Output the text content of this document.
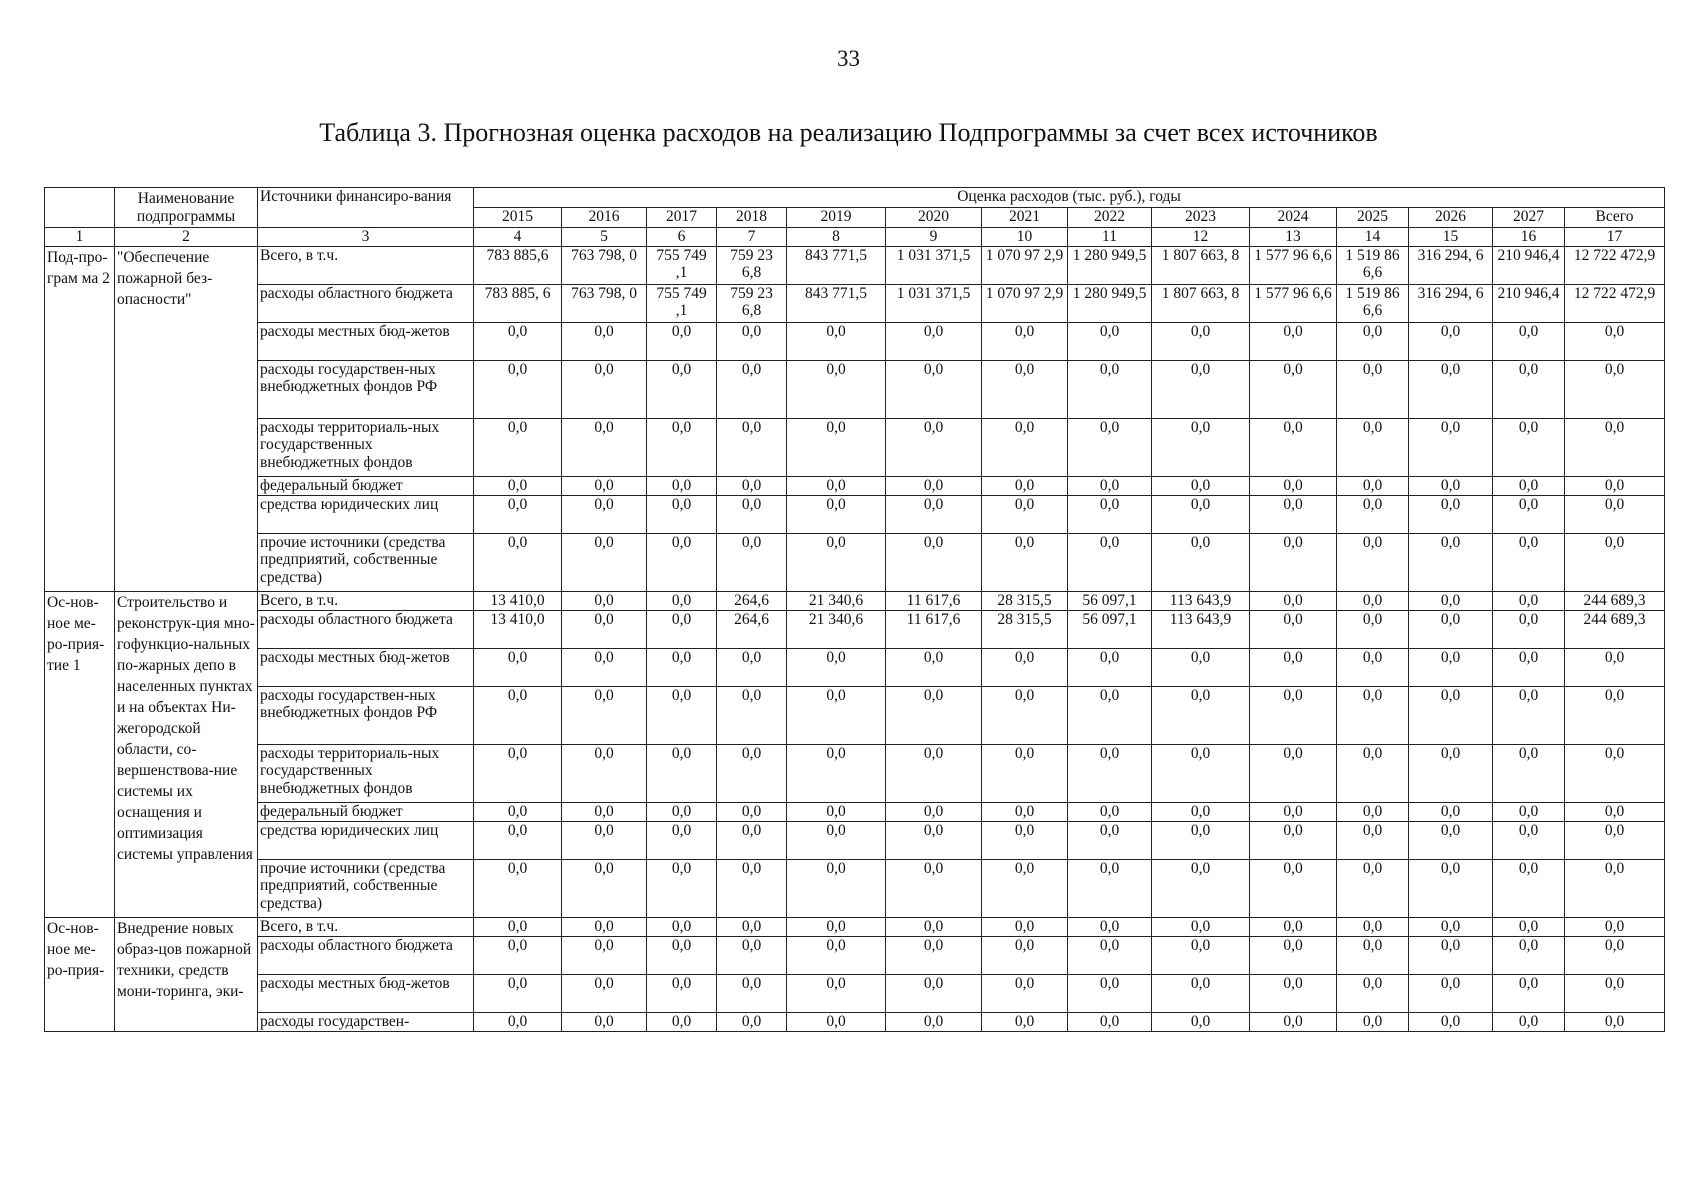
33
Таблица 3. Прогнозная оценка расходов на реализацию Подпрограммы за счет всех источников
	Наименование подпрограммы	Источники финансиро-вания	Оценка расходов (тыс. руб.), годы													
			2015	2016	2017	2018	2019	2020	2021	2022	2023	2024	2025	2026	2027	Всего
1	2	3	4	5	6	7	8	9	10	11	12	13	14	15	16	17
Под-про-грам ма 2	"Обеспечение пожарной без-опасности"	Всего, в т.ч.	783 885,6	763 798, 0	755 749 ,1	759 23 6,8	843 771,5	1 031 371,5	1 070 97 2,9	1 280 949,5	1 807 663, 8	1 577 96 6,6	1 519 86 6,6	316 294, 6	210 946,4	12 722 472,9
		расходы областного бюджета	783 885, 6	763 798, 0	755 749 ,1	759 23 6,8	843 771,5	1 031 371,5	1 070 97 2,9	1 280 949,5	1 807 663, 8	1 577 96 6,6	1 519 86 6,6	316 294, 6	210 946,4	12 722 472,9
		расходы местных бюд-жетов	0,0	0,0	0,0	0,0	0,0	0,0	0,0	0,0	0,0	0,0	0,0	0,0	0,0	0,0
		расходы государствен-ных внебюджетных фондов РФ	0,0	0,0	0,0	0,0	0,0	0,0	0,0	0,0	0,0	0,0	0,0	0,0	0,0	0,0
		расходы территориаль-ных государственных внебюджетных фондов	0,0	0,0	0,0	0,0	0,0	0,0	0,0	0,0	0,0	0,0	0,0	0,0	0,0	0,0
		федеральный бюджет	0,0	0,0	0,0	0,0	0,0	0,0	0,0	0,0	0,0	0,0	0,0	0,0	0,0	0,0
		средства юридических лиц	0,0	0,0	0,0	0,0	0,0	0,0	0,0	0,0	0,0	0,0	0,0	0,0	0,0	0,0
		прочие источники (средства предприятий, собственные средства)	0,0	0,0	0,0	0,0	0,0	0,0	0,0	0,0	0,0	0,0	0,0	0,0	0,0	0,0
Ос-нов-ное ме-ро-прия-тие 1	Строительство и реконструк-ция мно-гофункцио-нальных по-жарных депо в населенных пунктах и на объектах Ни-жегородской области, со-вершенствова-ние системы их оснащения и оптимизация системы управления	Всего, в т.ч.	13 410,0	0,0	0,0	264,6	21 340,6	11 617,6	28 315,5	56 097,1	113 643,9	0,0	0,0	0,0	0,0	244 689,3
		расходы областного бюджета	13 410,0	0,0	0,0	264,6	21 340,6	11 617,6	28 315,5	56 097,1	113 643,9	0,0	0,0	0,0	0,0	244 689,3
		расходы местных бюд-жетов	0,0	0,0	0,0	0,0	0,0	0,0	0,0	0,0	0,0	0,0	0,0	0,0	0,0	0,0
		расходы государствен-ных внебюджетных фондов РФ	0,0	0,0	0,0	0,0	0,0	0,0	0,0	0,0	0,0	0,0	0,0	0,0	0,0	0,0
		расходы территориаль-ных государственных внебюджетных фондов	0,0	0,0	0,0	0,0	0,0	0,0	0,0	0,0	0,0	0,0	0,0	0,0	0,0	0,0
		федеральный бюджет	0,0	0,0	0,0	0,0	0,0	0,0	0,0	0,0	0,0	0,0	0,0	0,0	0,0	0,0
		средства юридических лиц	0,0	0,0	0,0	0,0	0,0	0,0	0,0	0,0	0,0	0,0	0,0	0,0	0,0	0,0
		прочие источники (средства предприятий, собственные средства)	0,0	0,0	0,0	0,0	0,0	0,0	0,0	0,0	0,0	0,0	0,0	0,0	0,0	0,0
Ос-нов-ное ме-ро-прия-	Внедрение новых образ-цов пожарной техники, средств мони-торинга, эки-	Всего, в т.ч.	0,0	0,0	0,0	0,0	0,0	0,0	0,0	0,0	0,0	0,0	0,0	0,0	0,0	0,0
		расходы областного бюджета	0,0	0,0	0,0	0,0	0,0	0,0	0,0	0,0	0,0	0,0	0,0	0,0	0,0	0,0
		расходы местных бюд-жетов	0,0	0,0	0,0	0,0	0,0	0,0	0,0	0,0	0,0	0,0	0,0	0,0	0,0	0,0
		расходы государствен-	0,0	0,0	0,0	0,0	0,0	0,0	0,0	0,0	0,0	0,0	0,0	0,0	0,0	0,0
